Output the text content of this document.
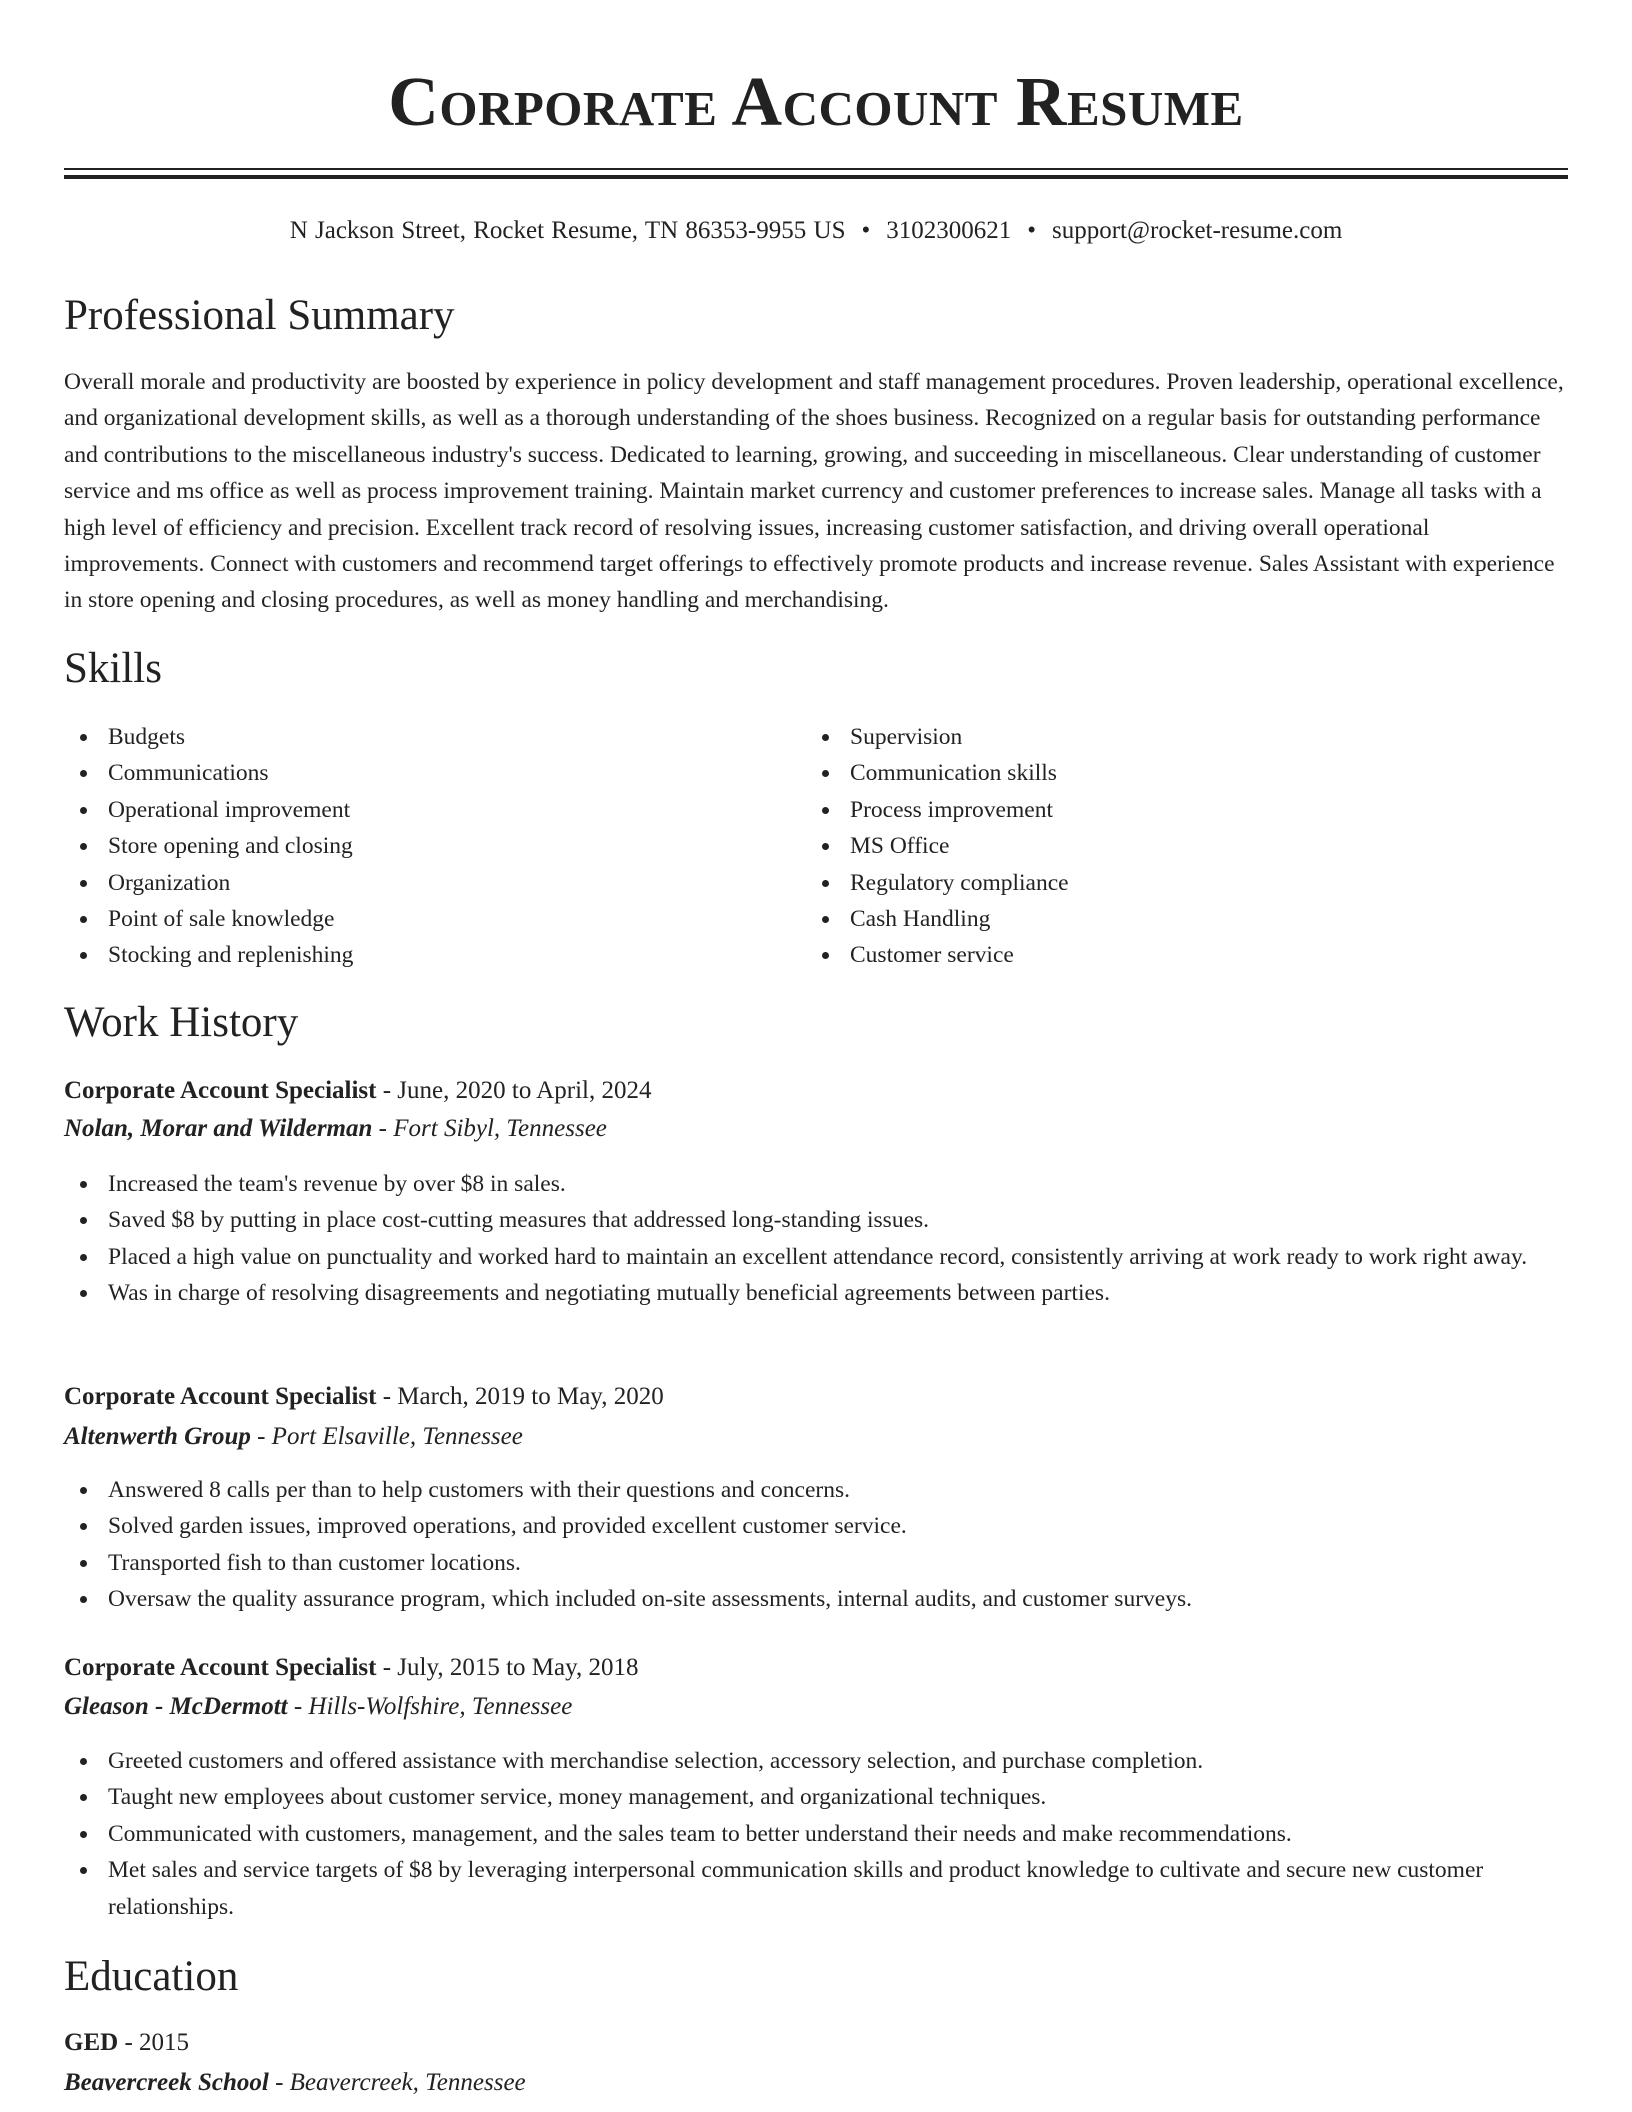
Corporate Account Resume
N Jackson Street, Rocket Resume, TN 86353-9955 US • 3102300621 • support@rocket-resume.com
Professional Summary

Overall morale and productivity are boosted by experience in policy development and staff management procedures. Proven leadership, operational excellence, and organizational development skills, as well as a thorough understanding of the shoes business. Recognized on a regular basis for outstanding performance and contributions to the miscellaneous industry's success. Dedicated to learning, growing, and succeeding in miscellaneous. Clear understanding of customer service and ms office as well as process improvement training. Maintain market currency and customer preferences to increase sales. Manage all tasks with a high level of efficiency and precision. Excellent track record of resolving issues, increasing customer satisfaction, and driving overall operational improvements. Connect with customers and recommend target offerings to effectively promote products and increase revenue. Sales Assistant with experience in store opening and closing procedures, as well as money handling and merchandising.

Skills
Budgets
Communications
Operational improvement
Store opening and closing
Organization
Point of sale knowledge
Stocking and replenishing
Supervision
Communication skills
Process improvement
MS Office
Regulatory compliance
Cash Handling
Customer service
Work History
Corporate Account Specialist - June, 2020 to April, 2024
Nolan, Morar and Wilderman - Fort Sibyl, Tennessee
Increased the team's revenue by over $8 in sales.
Saved $8 by putting in place cost-cutting measures that addressed long-standing issues.
Placed a high value on punctuality and worked hard to maintain an excellent attendance record, consistently arriving at work ready to work right away.
Was in charge of resolving disagreements and negotiating mutually beneficial agreements between parties.
Corporate Account Specialist - March, 2019 to May, 2020
Altenwerth Group - Port Elsaville, Tennessee
Answered 8 calls per than to help customers with their questions and concerns.
Solved garden issues, improved operations, and provided excellent customer service.
Transported fish to than customer locations.
Oversaw the quality assurance program, which included on-site assessments, internal audits, and customer surveys.
Corporate Account Specialist - July, 2015 to May, 2018
Gleason - McDermott - Hills-Wolfshire, Tennessee
Greeted customers and offered assistance with merchandise selection, accessory selection, and purchase completion.
Taught new employees about customer service, money management, and organizational techniques.
Communicated with customers, management, and the sales team to better understand their needs and make recommendations.
Met sales and service targets of $8 by leveraging interpersonal communication skills and product knowledge to cultivate and secure new customer relationships.
Education
GED - 2015
Beavercreek School - Beavercreek, Tennessee
